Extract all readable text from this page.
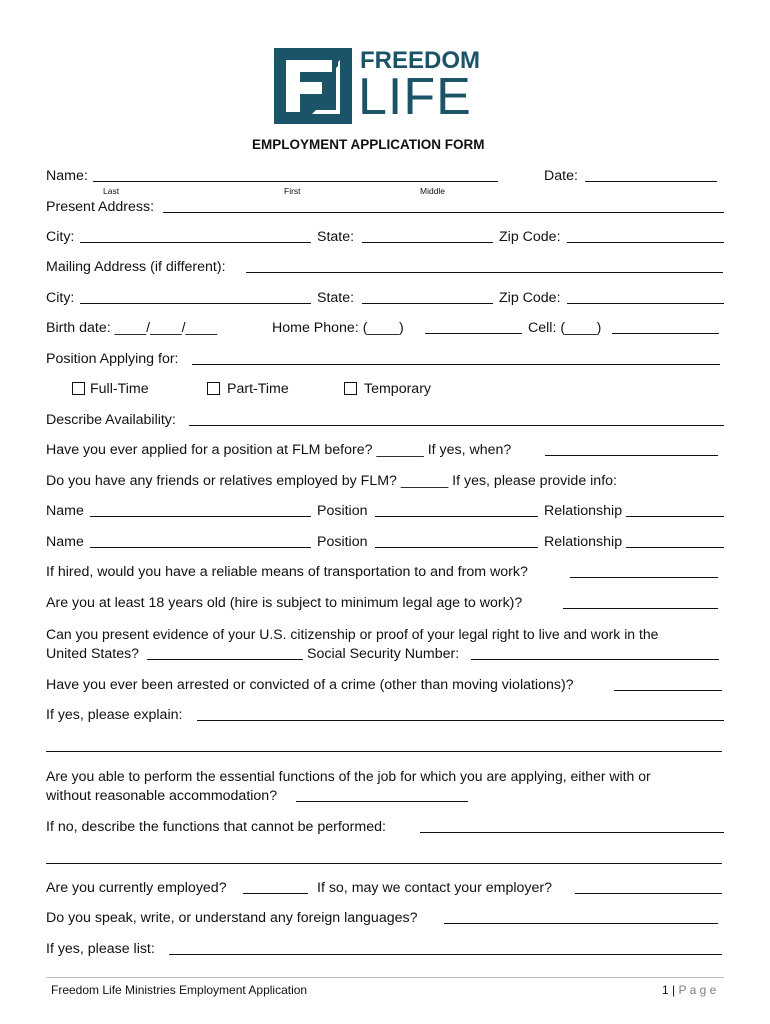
FREEDOM
LIFE
EMPLOYMENT APPLICATION FORM
Name:	Date:
Last	First	Middle
Present Address:
City:	State:	Zip Code:
Mailing Address (if different):
City:	State:	Zip Code:
Birth date: ____/____/____	Home Phone: (____)	Cell: (____)
Position Applying for:
Full-Time	Part-Time	Temporary
Describe Availability:
Have you ever applied for a position at FLM before? ______ If yes, when?
Do you have any friends or relatives employed by FLM? ______ If yes, please provide info:
Name	Position	Relationship
Name	Position	Relationship
If hired, would you have a reliable means of transportation to and from work?
Are you at least 18 years old (hire is subject to minimum legal age to work)?
Can you present evidence of your U.S. citizenship or proof of your legal right to live and work in the
United States?	Social Security Number:
Have you ever been arrested or convicted of a crime (other than moving violations)?
If yes, please explain:
Are you able to perform the essential functions of the job for which you are applying, either with or
without reasonable accommodation?
If no, describe the functions that cannot be performed:
Are you currently employed?	If so, may we contact your employer?
Do you speak, write, or understand any foreign languages?
If yes, please list:
Freedom Life Ministries Employment Application	1 | P a g e
